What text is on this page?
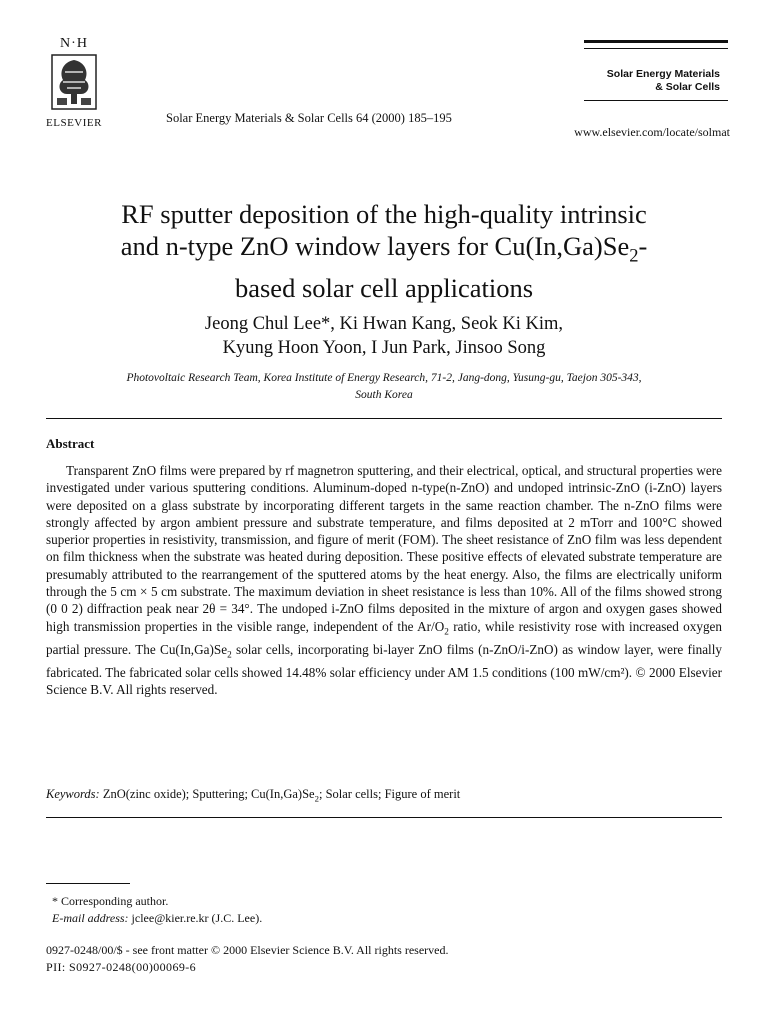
N·H
ELSEVIER	Solar Energy Materials & Solar Cells 64 (2000) 185–195
Solar Energy Materials
& Solar Cells
www.elsevier.com/locate/solmat
RF sputter deposition of the high-quality intrinsic
and n-type ZnO window layers for $Cu(In,Ga)Se_2-$
based solar cell applications
Jeong Chul Lee*, Ki Hwan Kang, Seok Ki Kim,
Kyung Hoon Yoon, I Jun Park, Jinsoo Song
Photovoltaic Research Team, Korea Institute of Energy Research, 71-2, Jang-dong, Yusung-gu, Taejon 305-343,
South Korea
Abstract
Transparent ZnO films were prepared by rf magnetron sputtering, and their electrical, optical, and structural properties were investigated under various sputtering conditions. Aluminum-doped n-type(n-ZnO) and undoped intrinsic-ZnO (i-ZnO) layers were deposited on a glass substrate by incorporating different targets in the same reaction chamber. The n-ZnO films were strongly affected by argon ambient pressure and substrate temperature, and films deposited at 2 mTorr and 100°C showed superior properties in resistivity, transmission, and figure of merit (FOM). The sheet resistance of ZnO film was less dependent on film thickness when the substrate was heated during deposition. These positive effects of elevated substrate temperature are presumably attributed to the rearrangement of the sputtered atoms by the heat energy. Also, the films are electrically uniform through the 5 cm × 5 cm substrate. The maximum deviation in sheet resistance is less than 10%. All of the films showed strong (0 0 2) diffraction peak near 2θ = 34°. The undoped i-ZnO films deposited in the mixture of argon and oxygen gases showed high transmission properties in the visible range, independent of the $Ar/O_2$ ratio, while resistivity rose with increased oxygen partial pressure. The $Cu(In,Ga)Se_2$ solar cells, incorporating bi-layer ZnO films (n-ZnO/i-ZnO) as window layer, were finally fabricated. The fabricated solar cells showed 14.48% solar efficiency under AM 1.5 conditions (100 mW/cm²). © 2000 Elsevier Science B.V. All rights reserved.
Keywords: ZnO(zinc oxide); Sputtering; $Cu(In,Ga)Se_2$; Solar cells; Figure of merit
* Corresponding author.
E-mail address: jclee@kier.re.kr (J.C. Lee).
0927-0248/00/$ - see front matter © 2000 Elsevier Science B.V. All rights reserved.
PII: S0927-0248(00)00069-6
